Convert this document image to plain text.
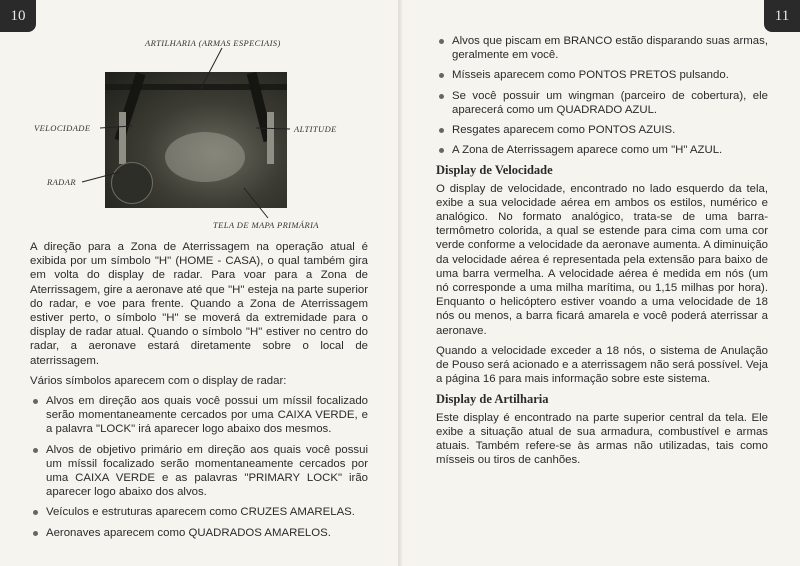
10
ARTILHARIA (ARMAS ESPECIAIS)
VELOCIDADE	ALTITUDE
RADAR
TELA DE MAPA PRIMÁRIA

A direção para a Zona de Aterrissagem na operação atual é exibida por um símbolo "H" (HOME - CASA), o qual também gira em volta do display de radar. Para voar para a Zona de Aterrissagem, gire a aeronave até que "H" esteja na parte superior do radar, e voe para frente. Quando a Zona de Aterrissagem estiver perto, o símbolo "H" se moverá da extremidade para o display de radar atual. Quando o símbolo "H" estiver no centro do radar, a aeronave estará diretamente sobre o local de aterrissagem.

Vários símbolos aparecem com o display de radar:

Alvos em direção aos quais você possui um míssil focalizado serão momentaneamente cercados por uma CAIXA VERDE, e a palavra "LOCK" irá aparecer logo abaixo dos mesmos.
Alvos de objetivo primário em direção aos quais você possui um míssil focalizado serão momentaneamente cercados por uma CAIXA VERDE e as palavras "PRIMARY LOCK" irão aparecer logo abaixo dos alvos.
Veículos e estruturas aparecem como CRUZES AMARELAS.
Aeronaves aparecem como QUADRADOS AMARELOS.
11
Alvos que piscam em BRANCO estão disparando suas armas, geralmente em você.
Mísseis aparecem como PONTOS PRETOS pulsando.
Se você possuir um wingman (parceiro de cobertura), ele aparecerá como um QUADRADO AZUL.
Resgates aparecem como PONTOS AZUIS.
A Zona de Aterrissagem aparece como um "H" AZUL.
Display de Velocidade

O display de velocidade, encontrado no lado esquerdo da tela, exibe a sua velocidade aérea em ambos os estilos, numérico e analógico. No formato analógico, trata-se de uma barra-termômetro colorida, a qual se estende para cima com uma cor verde conforme a velocidade da aeronave aumenta. A diminuição da velocidade aérea é representada pela extensão para baixo de uma barra vermelha. A velocidade aérea é medida em nós (um nó corresponde a uma milha marítima, ou 1,15 milhas por hora). Enquanto o helicóptero estiver voando a uma velocidade de 18 nós ou menos, a barra ficará amarela e você poderá aterrissar a aeronave.

Quando a velocidade exceder a 18 nós, o sistema de Anulação de Pouso será acionado e a aterrissagem não será possível. Veja a página 16 para mais informação sobre este sistema.

Display de Artilharia

Este display é encontrado na parte superior central da tela. Ele exibe a situação atual de sua armadura, combustível e armas atuais. Também refere-se às armas não utilizadas, tais como mísseis ou tiros de canhões.
